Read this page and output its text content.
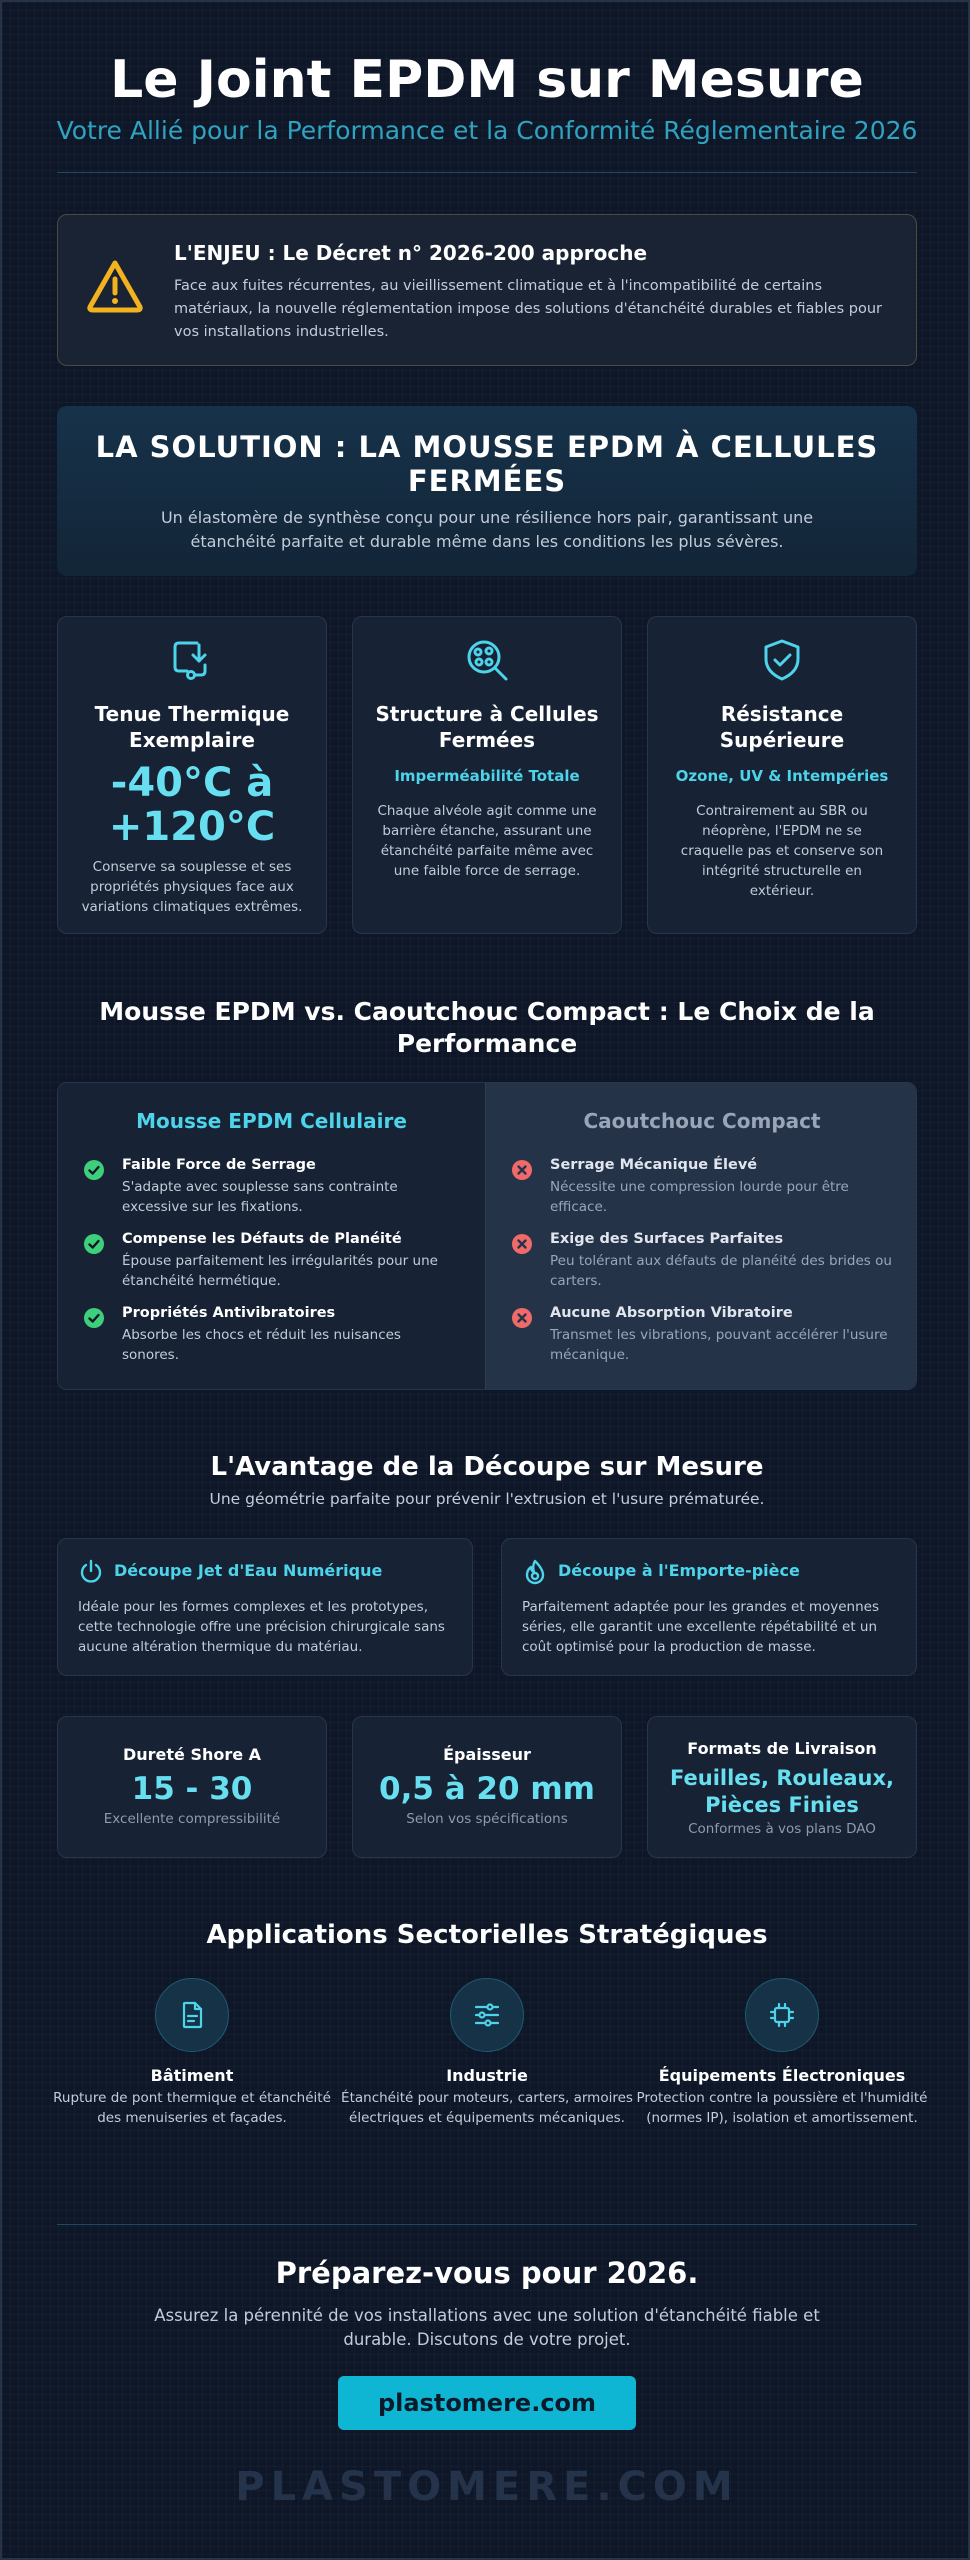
Le Joint EPDM sur Mesure

Votre Allié pour la Performance et la Conformité Réglementaire 2026

L'ENJEU : Le Décret n° 2026-200 approche

Face aux fuites récurrentes, au vieillissement climatique et à l'incompatibilité de certains matériaux, la nouvelle réglementation impose des solutions d'étanchéité durables et fiables pour vos installations industrielles.

LA SOLUTION : LA MOUSSE EPDM À CELLULES FERMÉES

Un élastomère de synthèse conçu pour une résilience hors pair, garantissant une étanchéité parfaite et durable même dans les conditions les plus sévères.

Tenue Thermique Exemplaire
-40°C à +120°C

Conserve sa souplesse et ses propriétés physiques face aux variations climatiques extrêmes.

Structure à Cellules Fermées
Imperméabilité Totale

Chaque alvéole agit comme une barrière étanche, assurant une étanchéité parfaite même avec une faible force de serrage.

Résistance Supérieure
Ozone, UV & Intempéries

Contrairement au SBR ou néoprène, l'EPDM ne se craquelle pas et conserve son intégrité structurelle en extérieur.

Mousse EPDM vs. Caoutchouc Compact : Le Choix de la Performance
Mousse EPDM Cellulaire
Faible Force de Serrage
S'adapte avec souplesse sans contrainte excessive sur les fixations.
Compense les Défauts de Planéité
Épouse parfaitement les irrégularités pour une étanchéité hermétique.
Propriétés Antivibratoires
Absorbe les chocs et réduit les nuisances sonores.
Caoutchouc Compact
Serrage Mécanique Élevé
Nécessite une compression lourde pour être efficace.
Exige des Surfaces Parfaites
Peu tolérant aux défauts de planéité des brides ou carters.
Aucune Absorption Vibratoire
Transmet les vibrations, pouvant accélérer l'usure mécanique.
L'Avantage de la Découpe sur Mesure

Une géométrie parfaite pour prévenir l'extrusion et l'usure prématurée.

Découpe Jet d'Eau Numérique

Idéale pour les formes complexes et les prototypes, cette technologie offre une précision chirurgicale sans aucune altération thermique du matériau.

Découpe à l'Emporte-pièce

Parfaitement adaptée pour les grandes et moyennes séries, elle garantit une excellente répétabilité et un coût optimisé pour la production de masse.

Dureté Shore A
15 - 30
Excellente compressibilité
Épaisseur
0,5 à 20 mm
Selon vos spécifications
Formats de Livraison
Feuilles, Rouleaux, Pièces Finies
Conformes à vos plans DAO
Applications Sectorielles Stratégiques
Bâtiment

Rupture de pont thermique et étanchéité des menuiseries et façades.

Industrie

Étanchéité pour moteurs, carters, armoires électriques et équipements mécaniques.

Équipements Électroniques

Protection contre la poussière et l'humidité (normes IP), isolation et amortissement.

Préparez-vous pour 2026.

Assurez la pérennité de vos installations avec une solution d'étanchéité fiable et durable. Discutons de votre projet.

plastomere.com
PLASTOMERE.COM
